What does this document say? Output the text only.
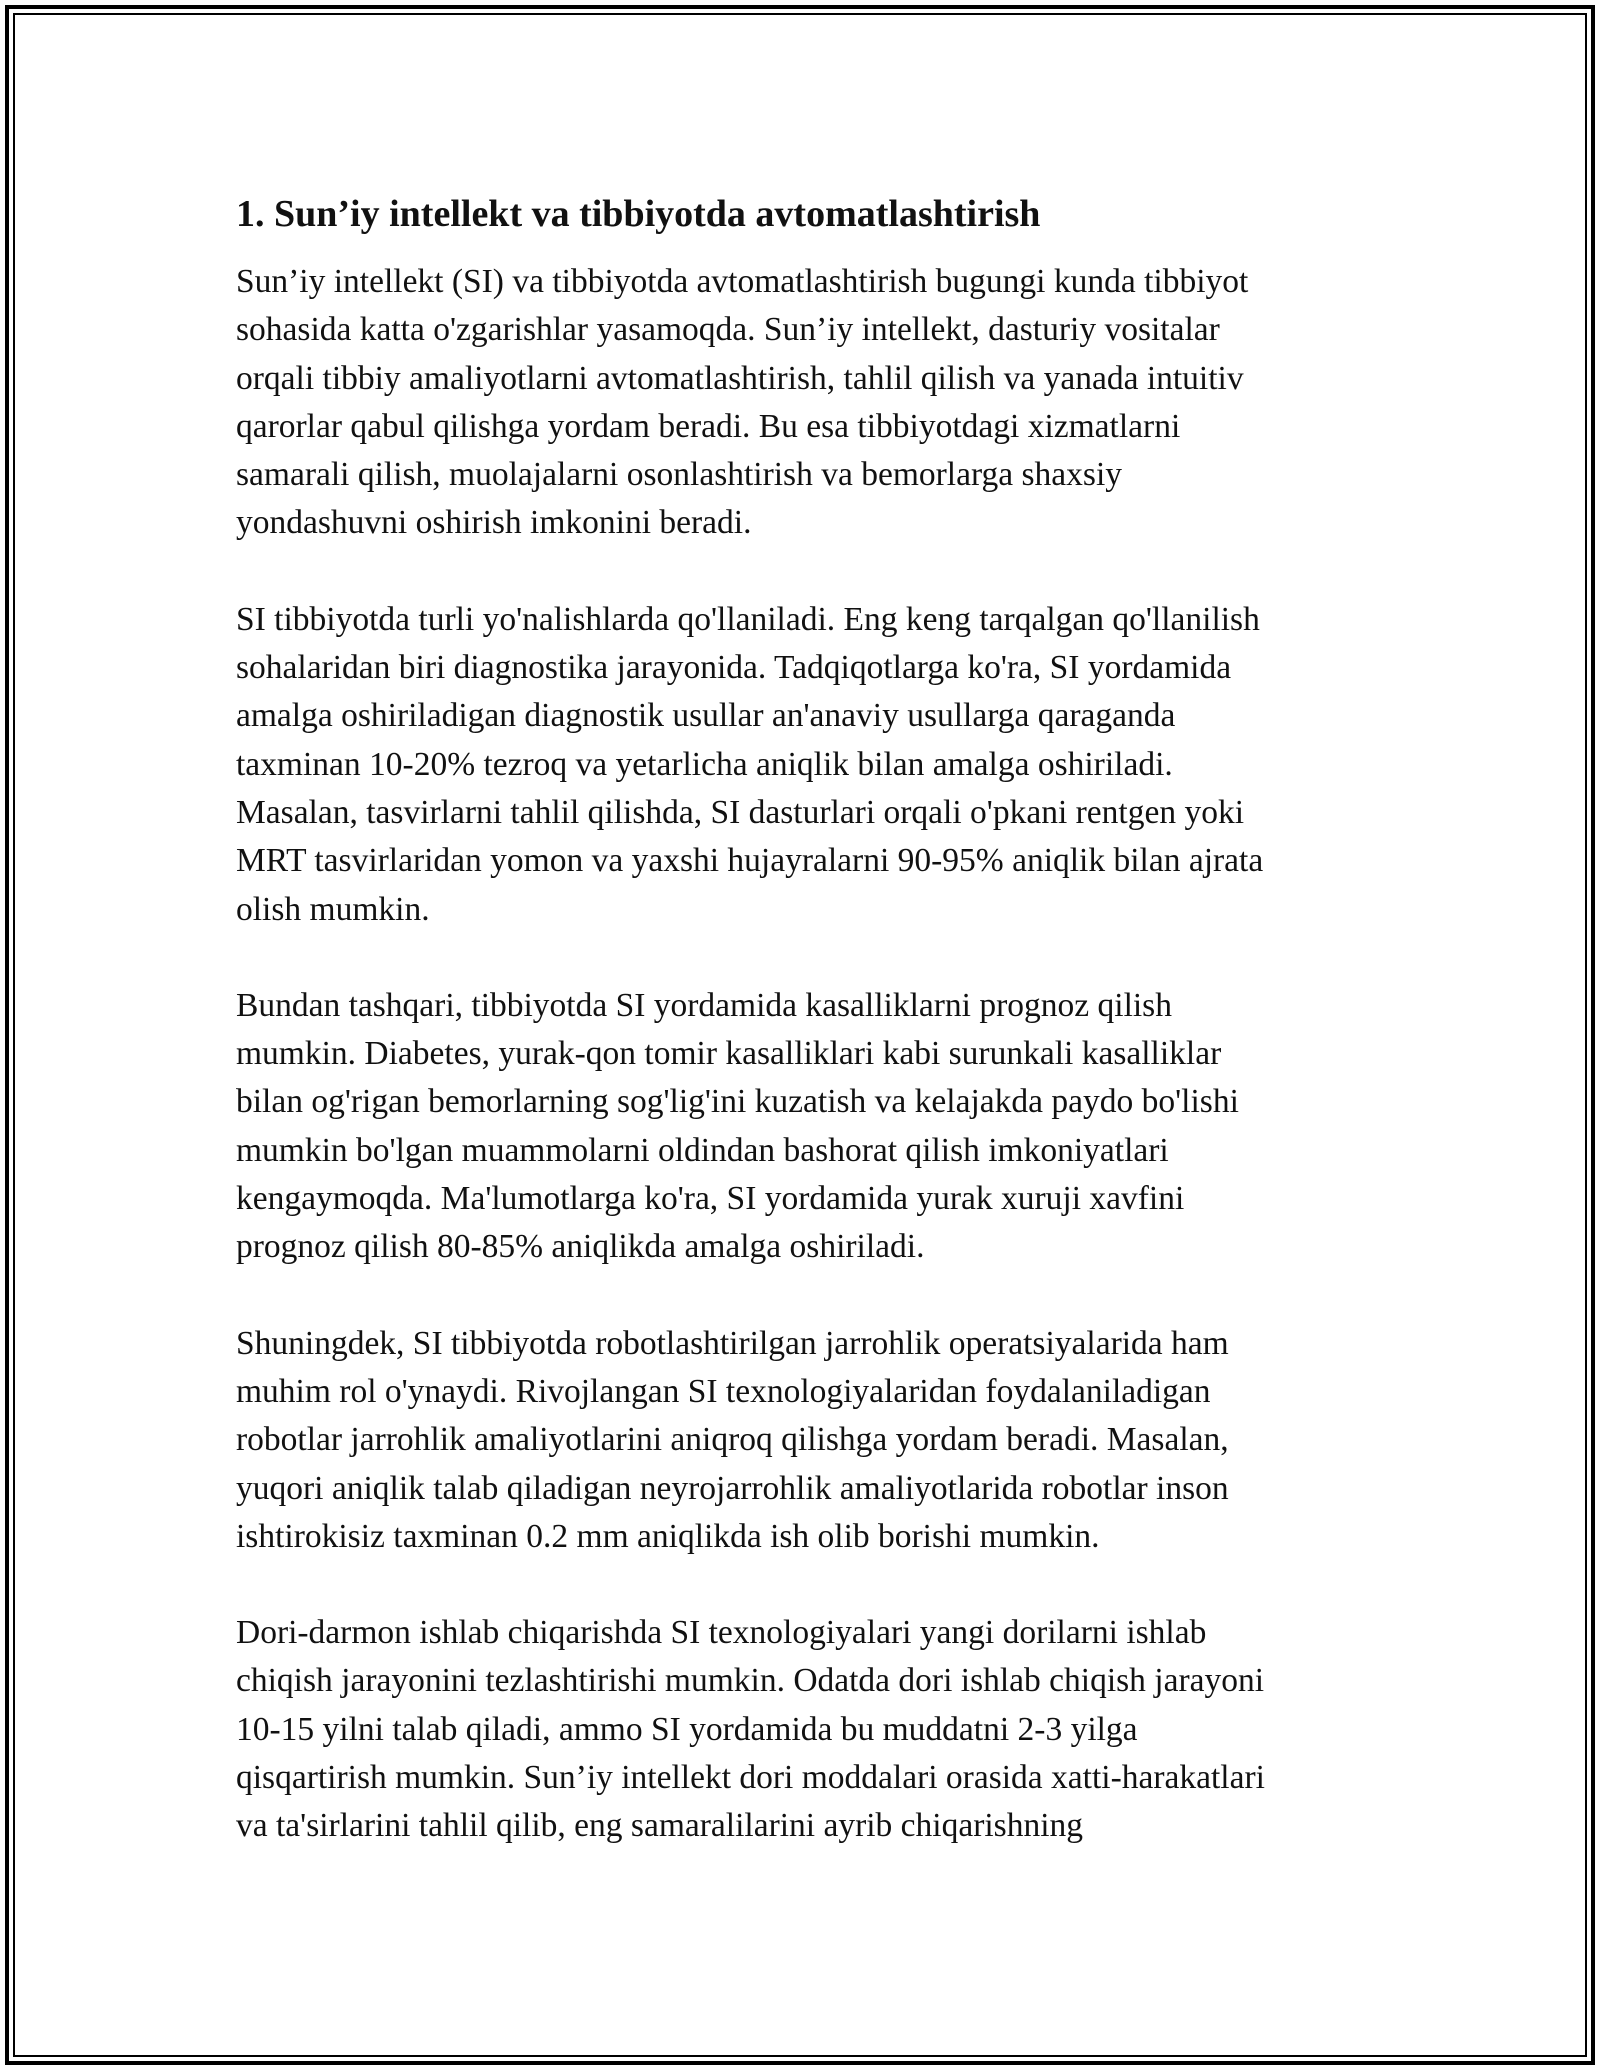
1. Sun’iy intellekt va tibbiyotda avtomatlashtirish

Sun’iy intellekt (SI) va tibbiyotda avtomatlashtirish bugungi kunda tibbiyot
sohasida katta o'zgarishlar yasamoqda. Sun’iy intellekt, dasturiy vositalar
orqali tibbiy amaliyotlarni avtomatlashtirish, tahlil qilish va yanada intuitiv
qarorlar qabul qilishga yordam beradi. Bu esa tibbiyotdagi xizmatlarni
samarali qilish, muolajalarni osonlashtirish va bemorlarga shaxsiy
yondashuvni oshirish imkonini beradi.

SI tibbiyotda turli yo'nalishlarda qo'llaniladi. Eng keng tarqalgan qo'llanilish
sohalaridan biri diagnostika jarayonida. Tadqiqotlarga ko'ra, SI yordamida
amalga oshiriladigan diagnostik usullar an'anaviy usullarga qaraganda
taxminan 10-20% tezroq va yetarlicha aniqlik bilan amalga oshiriladi.
Masalan, tasvirlarni tahlil qilishda, SI dasturlari orqali o'pkani rentgen yoki
MRT tasvirlaridan yomon va yaxshi hujayralarni 90-95% aniqlik bilan ajrata
olish mumkin.

Bundan tashqari, tibbiyotda SI yordamida kasalliklarni prognoz qilish
mumkin. Diabetes, yurak-qon tomir kasalliklari kabi surunkali kasalliklar
bilan og'rigan bemorlarning sog'lig'ini kuzatish va kelajakda paydo bo'lishi
mumkin bo'lgan muammolarni oldindan bashorat qilish imkoniyatlari
kengaymoqda. Ma'lumotlarga ko'ra, SI yordamida yurak xuruji xavfini
prognoz qilish 80-85% aniqlikda amalga oshiriladi.

Shuningdek, SI tibbiyotda robotlashtirilgan jarrohlik operatsiyalarida ham
muhim rol o'ynaydi. Rivojlangan SI texnologiyalaridan foydalaniladigan
robotlar jarrohlik amaliyotlarini aniqroq qilishga yordam beradi. Masalan,
yuqori aniqlik talab qiladigan neyrojarrohlik amaliyotlarida robotlar inson
ishtirokisiz taxminan 0.2 mm aniqlikda ish olib borishi mumkin.

Dori-darmon ishlab chiqarishda SI texnologiyalari yangi dorilarni ishlab
chiqish jarayonini tezlashtirishi mumkin. Odatda dori ishlab chiqish jarayoni
10-15 yilni talab qiladi, ammo SI yordamida bu muddatni 2-3 yilga
qisqartirish mumkin. Sun’iy intellekt dori moddalari orasida xatti-harakatlari
va ta'sirlarini tahlil qilib, eng samaralilarini ayrib chiqarishning
